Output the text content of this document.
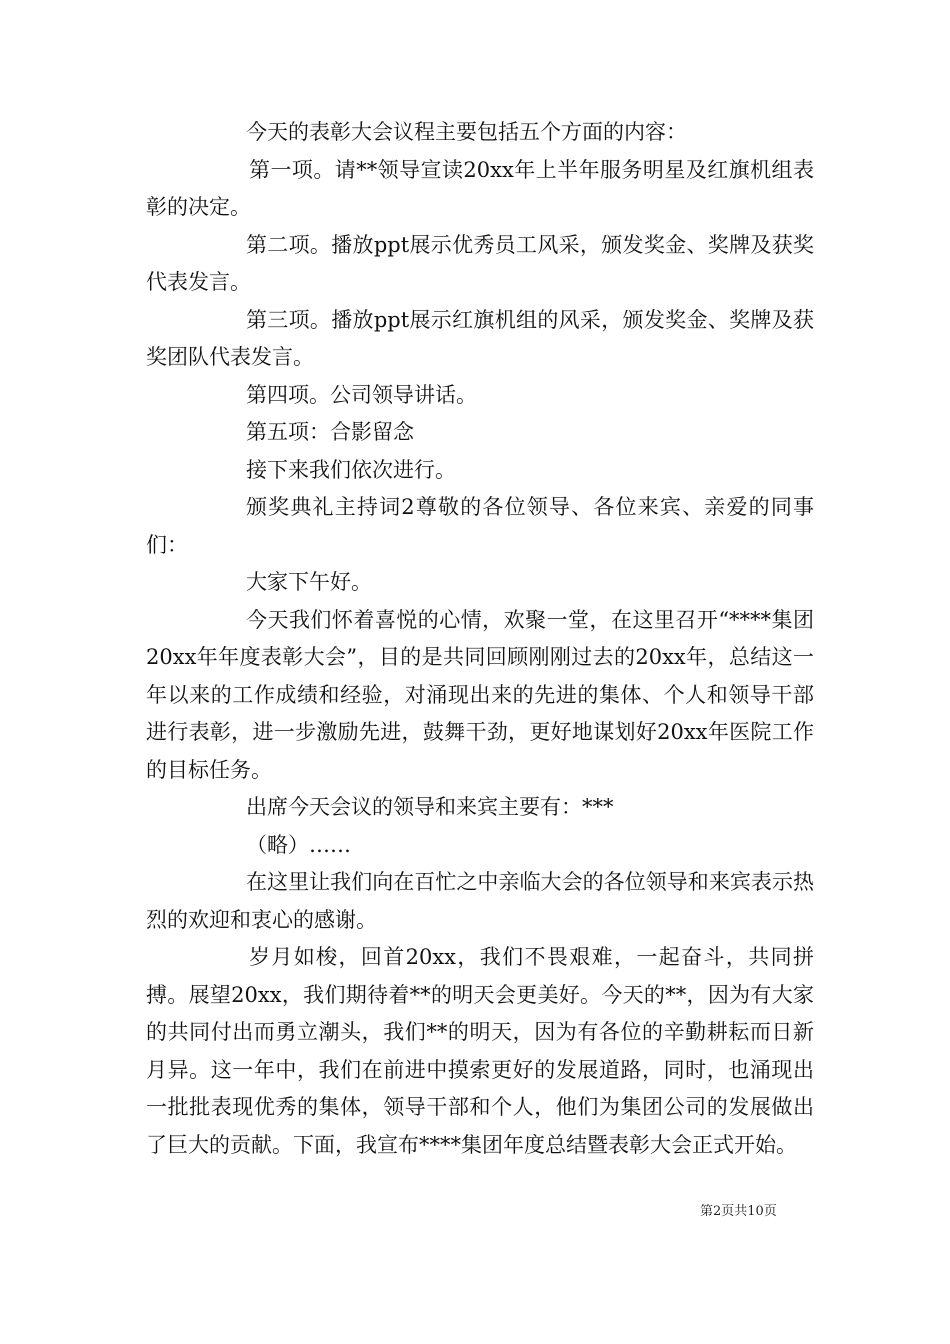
今天的表彰大会议程主要包括五个方面的内容：

第一项。请**领导宣读20xx年上半年服务明星及红旗机组表彰的决定。

第二项。播放ppt展示优秀员工风采，颁发奖金、奖牌及获奖代表发言。

第三项。播放ppt展示红旗机组的风采，颁发奖金、奖牌及获奖团队代表发言。

第四项。公司领导讲话。

第五项：合影留念

接下来我们依次进行。

颁奖典礼主持词2尊敬的各位领导、各位来宾、亲爱的同事们：

大家下午好。

今天我们怀着喜悦的心情，欢聚一堂，在这里召开“****集团20xx年年度表彰大会”，目的是共同回顾刚刚过去的20xx年，总结这一年以来的工作成绩和经验，对涌现出来的先进的集体、个人和领导干部进行表彰，进一步激励先进，鼓舞干劲，更好地谋划好20xx年医院工作的目标任务。

出席今天会议的领导和来宾主要有：***

（略）……

在这里让我们向在百忙之中亲临大会的各位领导和来宾表示热烈的欢迎和衷心的感谢。

岁月如梭，回首20xx，我们不畏艰难，一起奋斗，共同拼搏。展望20xx，我们期待着**的明天会更美好。今天的**，因为有大家的共同付出而勇立潮头，我们**的明天，因为有各位的辛勤耕耘而日新月异。这一年中，我们在前进中摸索更好的发展道路，同时，也涌现出一批批表现优秀的集体，领导干部和个人，他们为集团公司的发展做出了巨大的贡献。下面，我宣布****集团年度总结暨表彰大会正式开始。

第2页共10页
